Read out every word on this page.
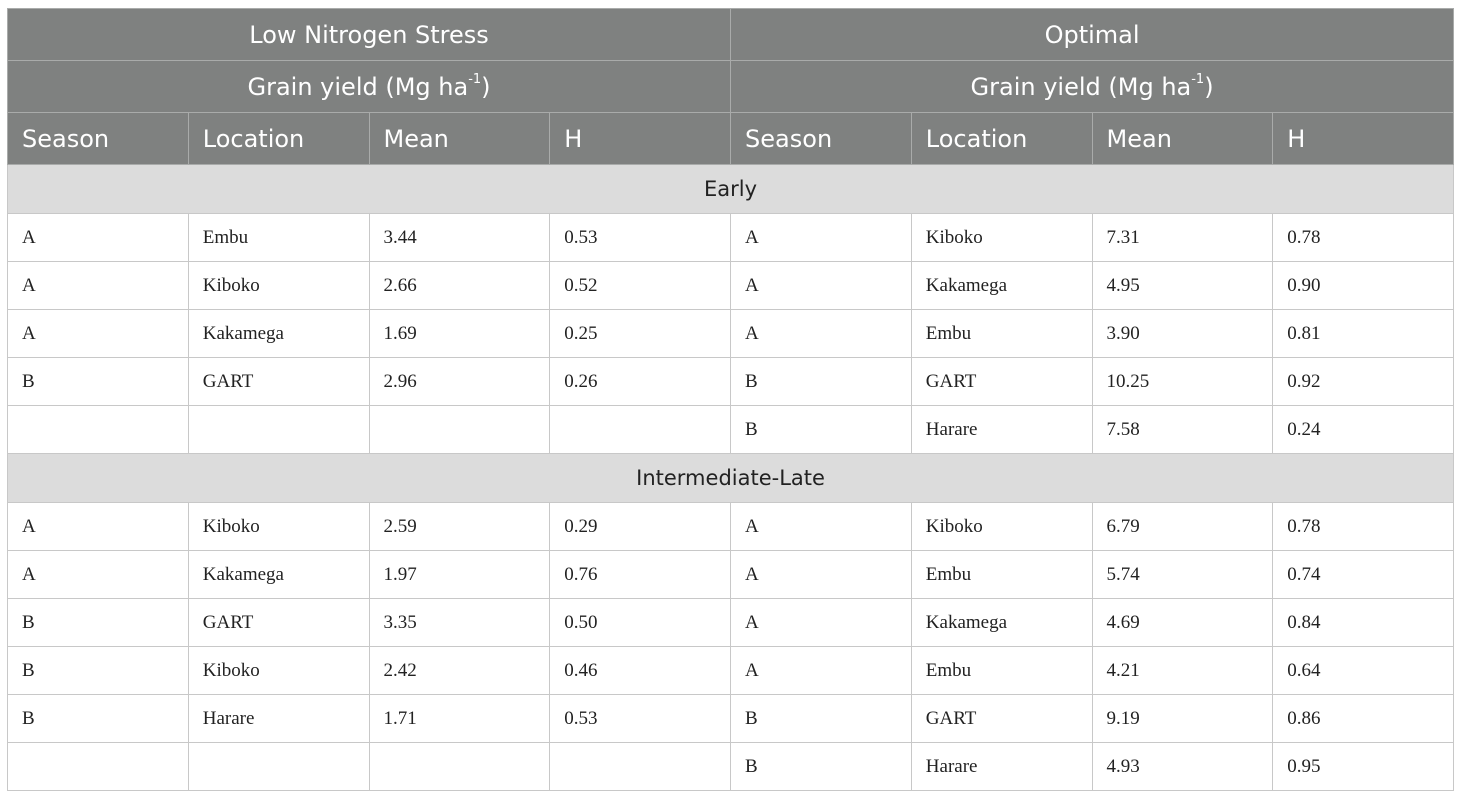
Low Nitrogen Stress				Optimal			
Grain yield (Mg $ha^{-1}$)				Grain yield (Mg $ha^{-1}$)			
Season	Location	Mean	H	Season	Location	Mean	H
Early							
A	Embu	3.44	0.53	A	Kiboko	7.31	0.78
A	Kiboko	2.66	0.52	A	Kakamega	4.95	0.90
A	Kakamega	1.69	0.25	A	Embu	3.90	0.81
B	GART	2.96	0.26	B	GART	10.25	0.92
				B	Harare	7.58	0.24
Intermediate-Late							
A	Kiboko	2.59	0.29	A	Kiboko	6.79	0.78
A	Kakamega	1.97	0.76	A	Embu	5.74	0.74
B	GART	3.35	0.50	A	Kakamega	4.69	0.84
B	Kiboko	2.42	0.46	A	Embu	4.21	0.64
B	Harare	1.71	0.53	B	GART	9.19	0.86
				B	Harare	4.93	0.95
